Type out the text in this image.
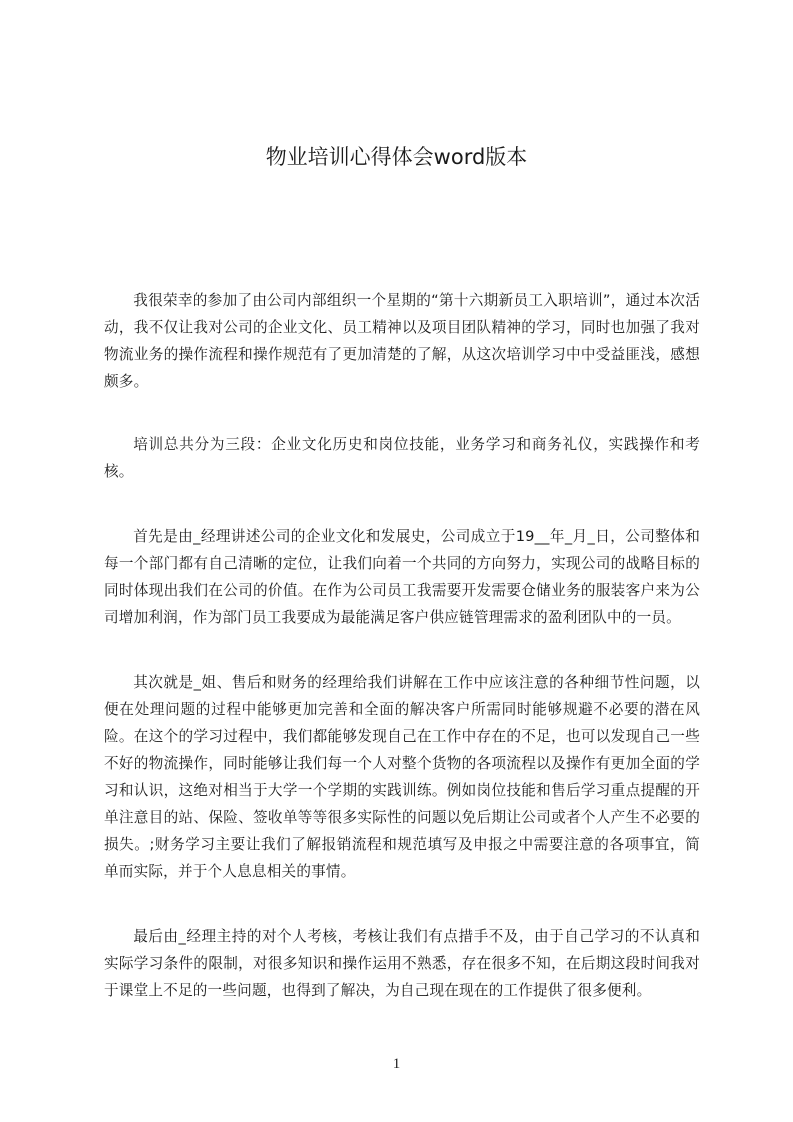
物业培训心得体会word版本

我很荣幸的参加了由公司内部组织一个星期的“第十六期新员工入职培训”，通过本次活动，我不仅让我对公司的企业文化、员工精神以及项目团队精神的学习，同时也加强了我对物流业务的操作流程和操作规范有了更加清楚的了解，从这次培训学习中中受益匪浅，感想颇多。

培训总共分为三段：企业文化历史和岗位技能，业务学习和商务礼仪，实践操作和考核。

首先是由_经理讲述公司的企业文化和发展史，公司成立于19__年_月_日，公司整体和每一个部门都有自己清晰的定位，让我们向着一个共同的方向努力，实现公司的战略目标的同时体现出我们在公司的价值。在作为公司员工我需要开发需要仓储业务的服装客户来为公司增加利润，作为部门员工我要成为最能满足客户供应链管理需求的盈利团队中的一员。

其次就是_姐、售后和财务的经理给我们讲解在工作中应该注意的各种细节性问题，以便在处理问题的过程中能够更加完善和全面的解决客户所需同时能够规避不必要的潜在风险。在这个的学习过程中，我们都能够发现自己在工作中存在的不足，也可以发现自己一些不好的物流操作，同时能够让我们每一个人对整个货物的各项流程以及操作有更加全面的学习和认识，这绝对相当于大学一个学期的实践训练。例如岗位技能和售后学习重点提醒的开单注意目的站、保险、签收单等等很多实际性的问题以免后期让公司或者个人产生不必要的损失。;财务学习主要让我们了解报销流程和规范填写及申报之中需要注意的各项事宜，简单而实际，并于个人息息相关的事情。

最后由_经理主持的对个人考核，考核让我们有点措手不及，由于自己学习的不认真和实际学习条件的限制，对很多知识和操作运用不熟悉，存在很多不知，在后期这段时间我对于课堂上不足的一些问题，也得到了解决，为自己现在现在的工作提供了很多便利。

1
